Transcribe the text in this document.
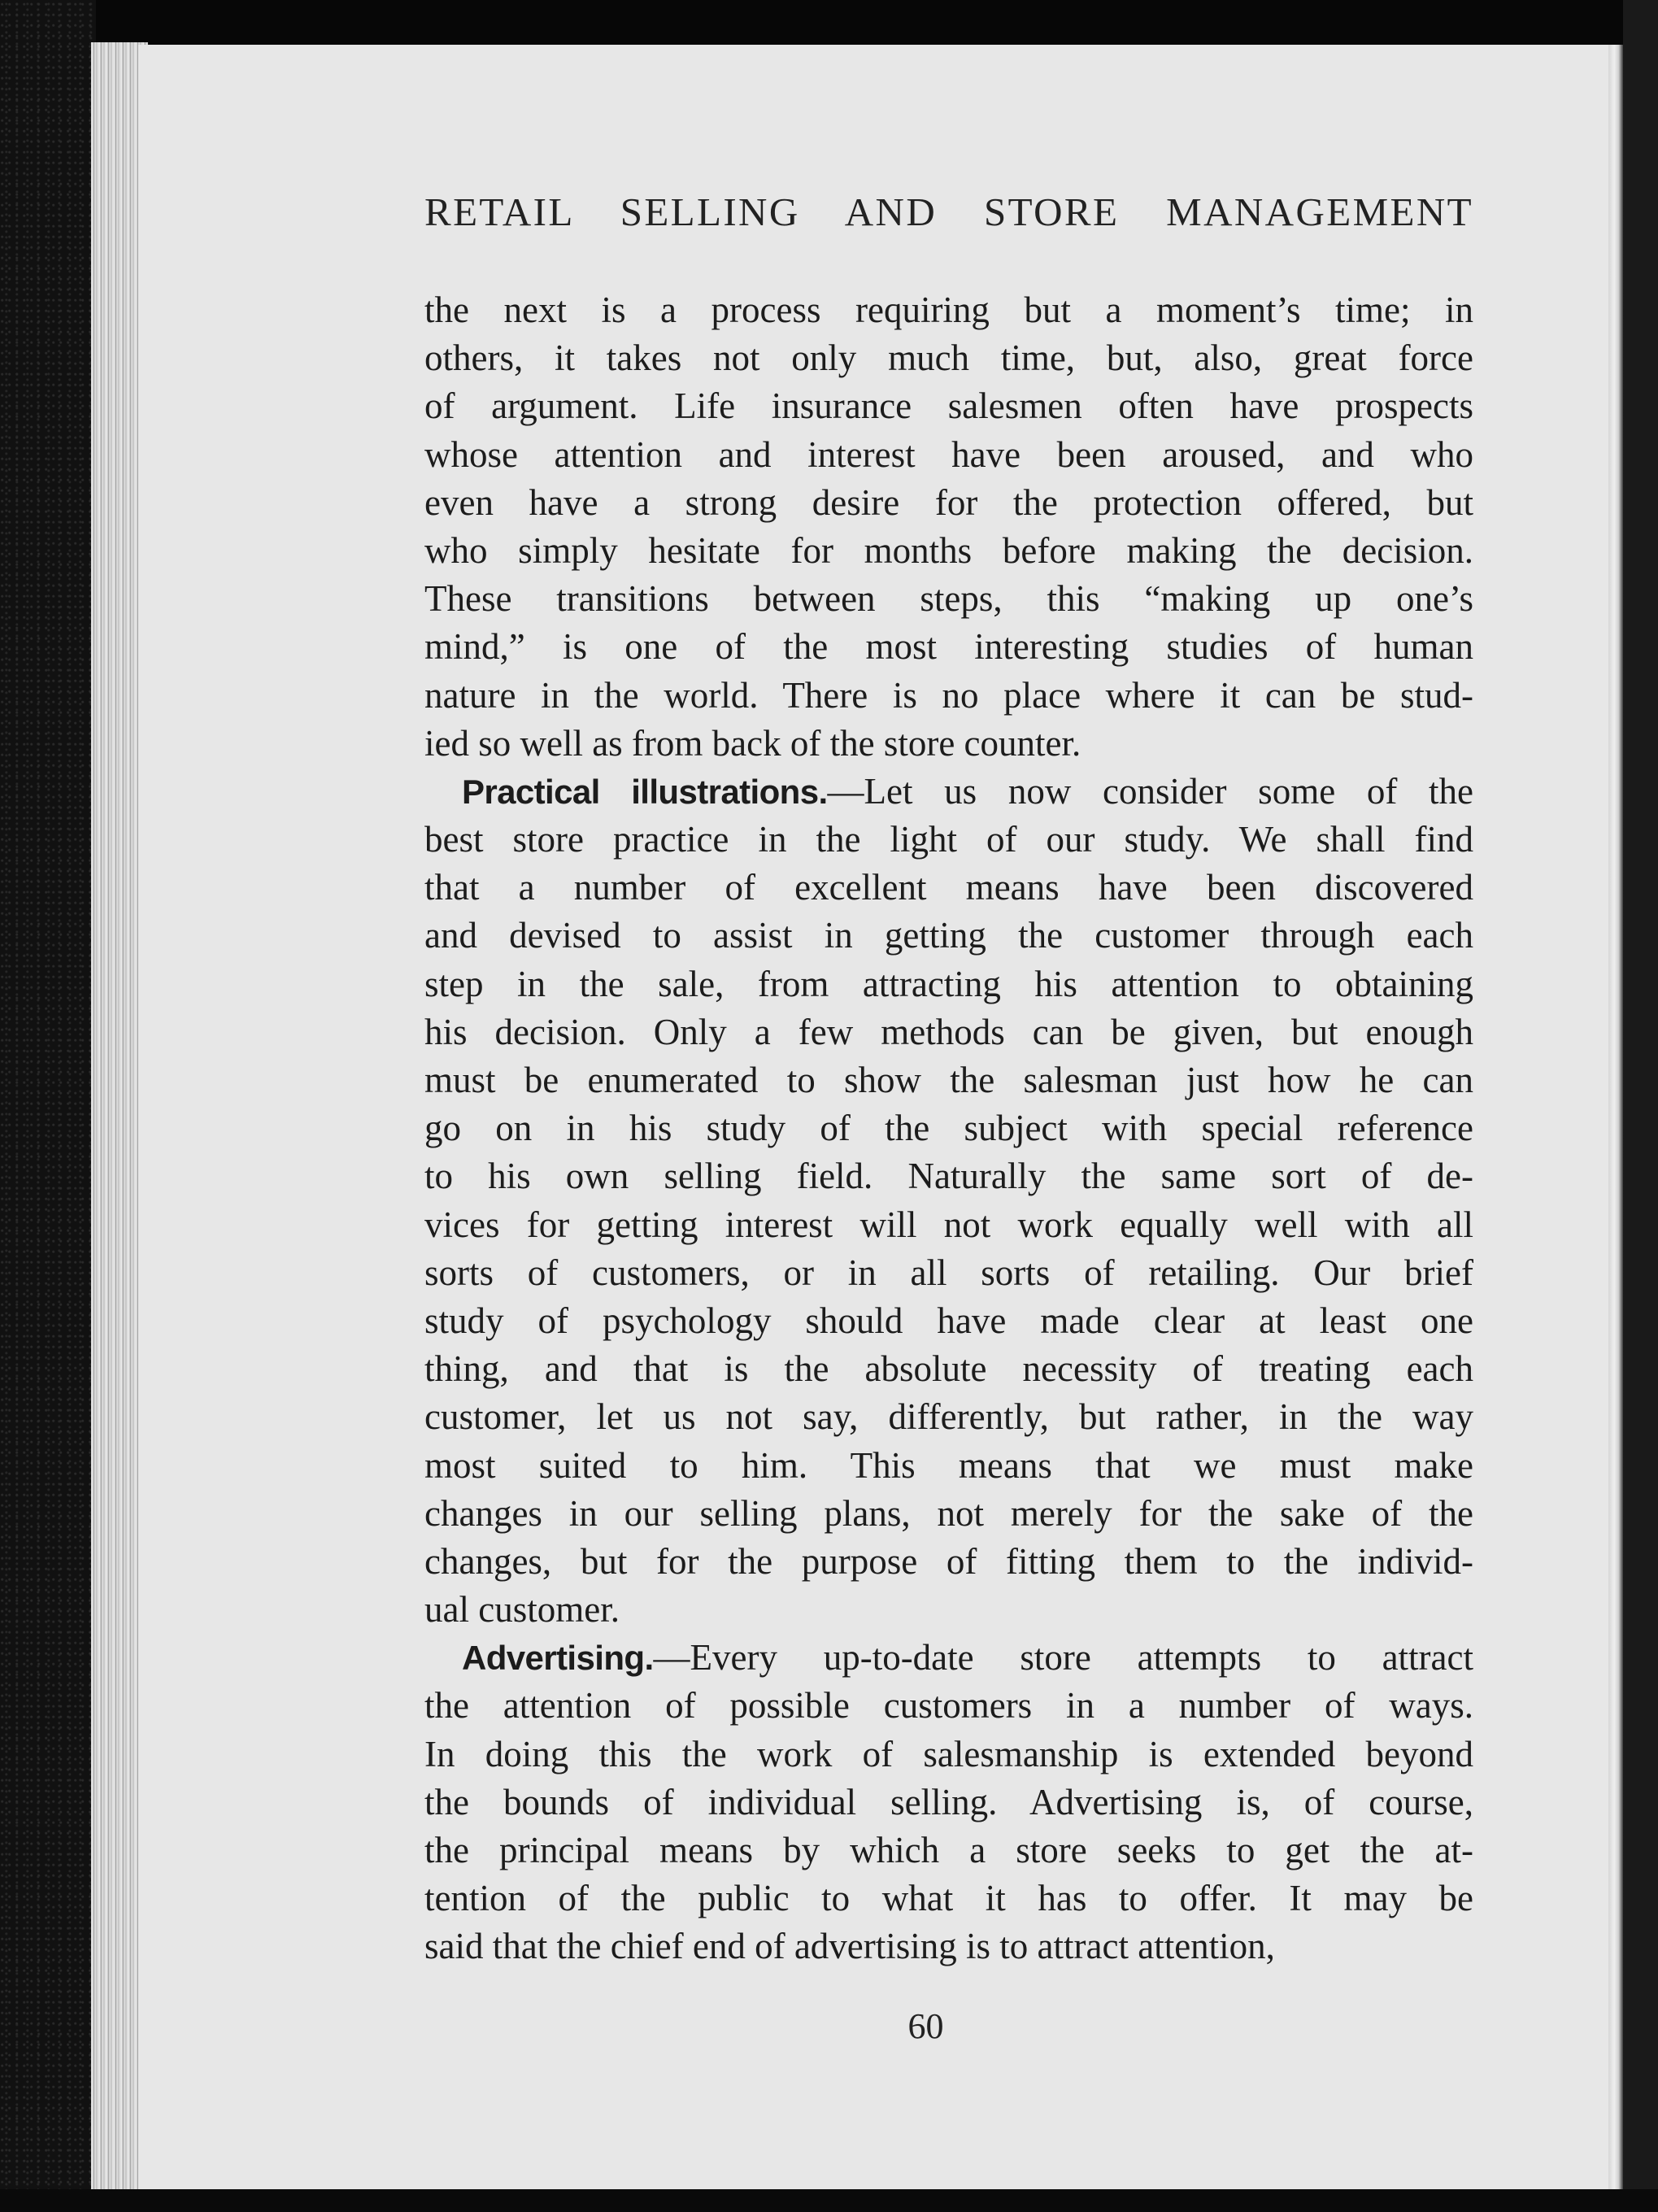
RETAIL SELLING AND STORE MANAGEMENT
the next is a process requiring but a moment’s time; in
others, it takes not only much time, but, also, great force
of argument. Life insurance salesmen often have prospects
whose attention and interest have been aroused, and who
even have a strong desire for the protection offered, but
who simply hesitate for months before making the decision.
These transitions between steps, this “making up one’s
mind,” is one of the most interesting studies of human
nature in the world. There is no place where it can be stud-
ied so well as from back of the store counter.
Practical illustrations.—Let us now consider some of the
best store practice in the light of our study. We shall find
that a number of excellent means have been discovered
and devised to assist in getting the customer through each
step in the sale, from attracting his attention to obtaining
his decision. Only a few methods can be given, but enough
must be enumerated to show the salesman just how he can
go on in his study of the subject with special reference
to his own selling field. Naturally the same sort of de-
vices for getting interest will not work equally well with all
sorts of customers, or in all sorts of retailing. Our brief
study of psychology should have made clear at least one
thing, and that is the absolute necessity of treating each
customer, let us not say, differently, but rather, in the way
most suited to him. This means that we must make
changes in our selling plans, not merely for the sake of the
changes, but for the purpose of fitting them to the individ-
ual customer.
Advertising.—Every up-to-date store attempts to attract
the attention of possible customers in a number of ways.
In doing this the work of salesmanship is extended beyond
the bounds of individual selling. Advertising is, of course,
the principal means by which a store seeks to get the at-
tention of the public to what it has to offer. It may be
said that the chief end of advertising is to attract attention,
60
